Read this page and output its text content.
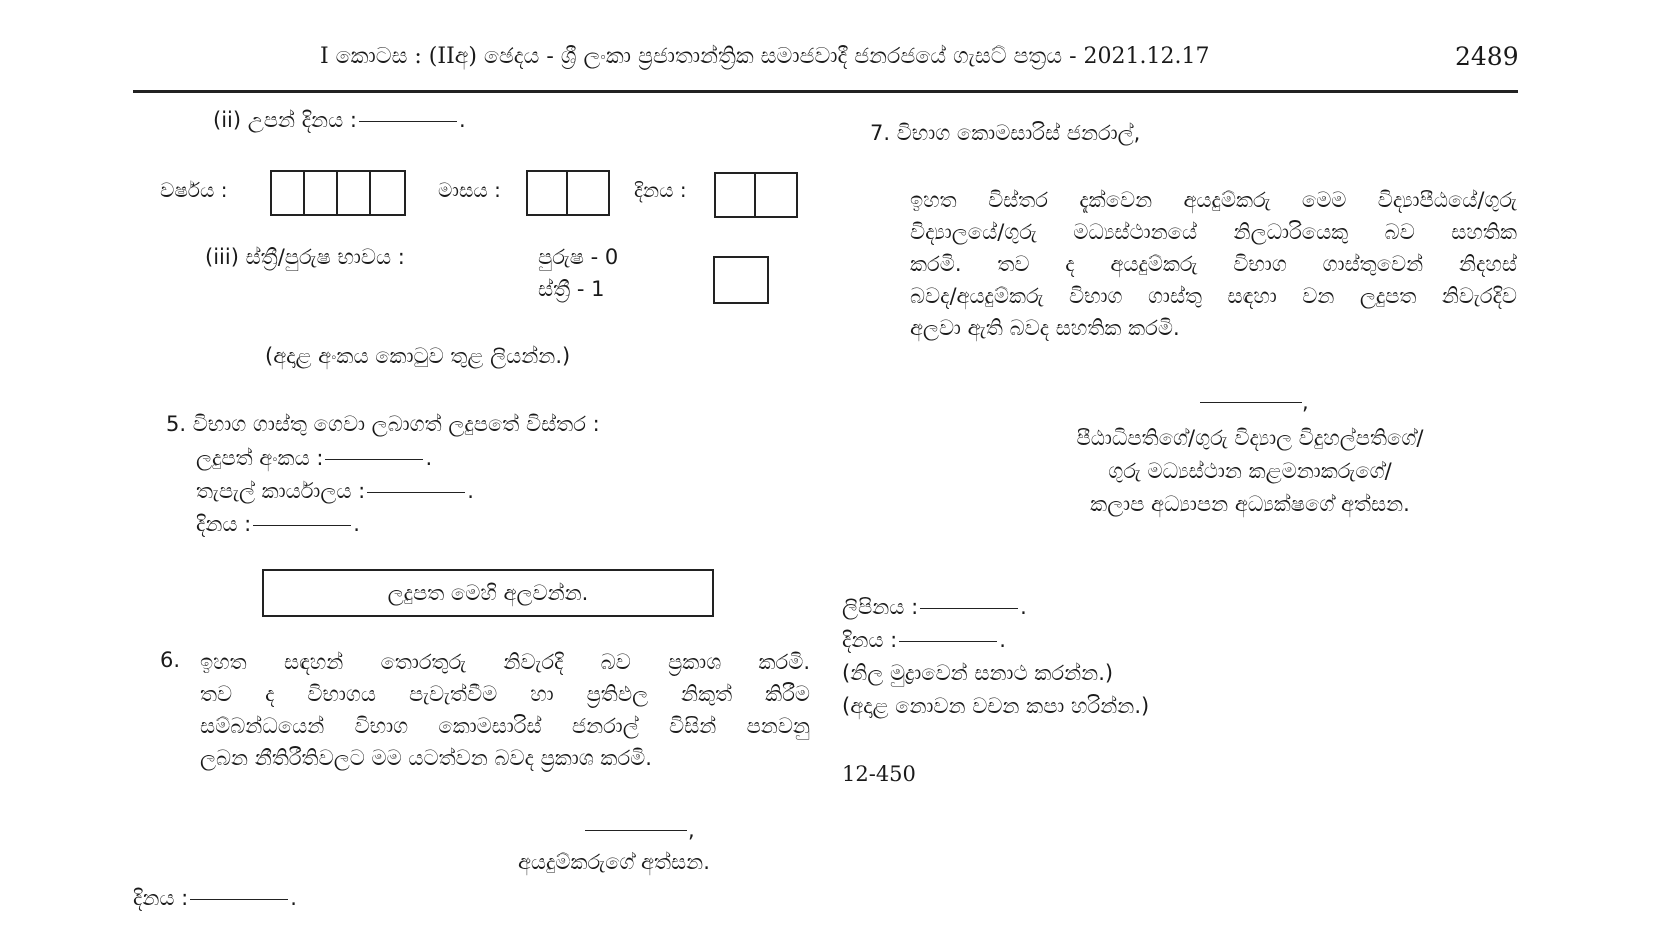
I කොටස : (IIඅ) ඡෙදය - ශ්‍රී ලංකා ප්‍රජාතාන්ත්‍රික සමාජවාදී ජනරජයේ ගැසට් පත්‍රය - 2021.12.17	2489
(ii) උපන් දිනය :	.
වර්ෂය :	මාසය :	දිනය :
(iii) ස්ත්‍රී/පුරුෂ භාවය :	පුරුෂ - 0
ස්ත්‍රී - 1
(අදාළ අංකය කොටුව තුළ ලියන්න.)
5. විභාග ගාස්තු ගෙවා ලබාගත් ලදුපතේ විස්තර :
ලදුපත් අංකය :	.
තැපැල් කාර්යාලය :	.
දිනය :	.
ලදුපත මෙහි අලවන්න.
6. ඉහත සඳහන් තොරතුරු නිවැරදි බව ප්‍රකාශ කරමි.
තව ද විභාගය පැවැත්වීම හා ප්‍රතිඵල නිකුත් කිරීම
සම්බන්ධයෙන් විභාග කොමසාරිස් ජනරාල් විසින් පනවනු
ලබන නීතිරීතිවලට මම යටත්වන බවද ප්‍රකාශ කරමි.
,
අයදුම්කරුගේ අත්සන.
දිනය :	.
7. විභාග කොමසාරිස් ජනරාල්,
ඉහත විස්තර දැක්වෙන අයදුම්කරු මෙම විද්‍යාපීඨයේ/ගුරු
විද්‍යාලයේ/ගුරු මධ්‍යස්ථානයේ නිලධාරියෙකු බව සහතික
කරමි. තව ද අයදුම්කරු විභාග ගාස්තුවෙන් නිදහස්
බවද/අයදුම්කරු විභාග ගාස්තු සඳහා වන ලදුපත නිවැරදිව
අලවා ඇති බවද සහතික කරමි.
,
පීඨාධිපතිගේ/ගුරු විද්‍යාල විදුහල්පතිගේ/
ගුරු මධ්‍යස්ථාන කළමනාකරුගේ/
කලාප අධ්‍යාපන අධ්‍යක්ෂගේ අත්සන.
ලිපිනය :	.
දිනය :	.
(නිල මුද්‍රාවෙන් සනාථ කරන්න.)
(අදාළ නොවන වචන කපා හරින්න.)
12-450
